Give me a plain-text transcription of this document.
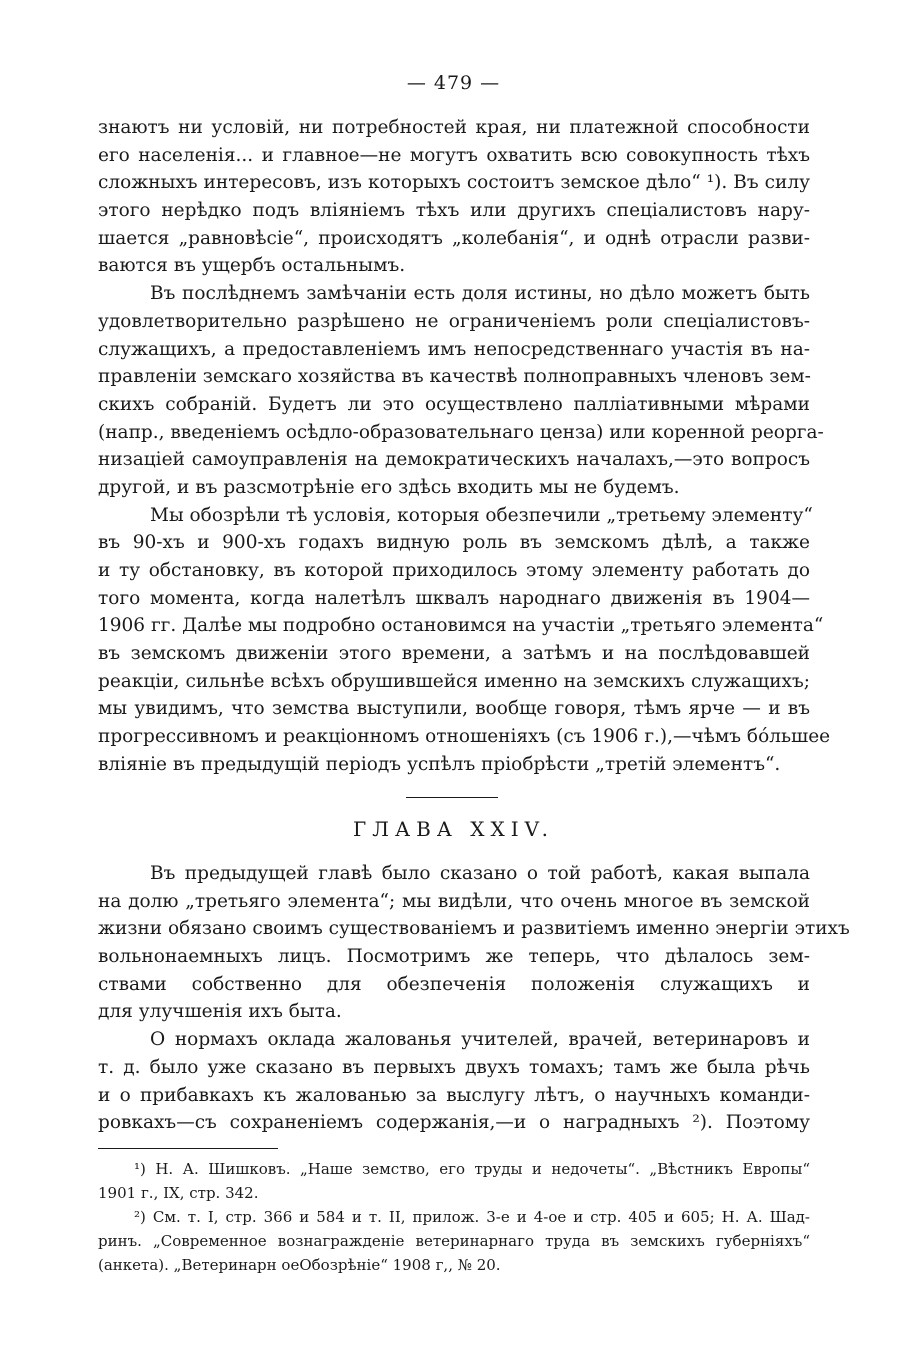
— 479 —
знаютъ ни условій, ни потребностей края, ни платежной способности
его населенія... и главное—не могутъ охватить всю совокупность тѣхъ
сложныхъ интересовъ, изъ которыхъ состоитъ земское дѣло“ ¹). Въ силу
этого нерѣдко подъ вліяніемъ тѣхъ или другихъ спеціалистовъ нару-
шается „равновѣсіе“, происходятъ „колебанія“, и однѣ отрасли разви-
ваются въ ущербъ остальнымъ.
Въ послѣднемъ замѣчаніи есть доля истины, но дѣло можетъ быть
удовлетворительно разрѣшено не ограниченіемъ роли спеціалистовъ-
служащихъ, а предоставленіемъ имъ непосредственнаго участія въ на-
правленіи земскаго хозяйства въ качествѣ полноправныхъ членовъ зем-
скихъ собраній. Будетъ ли это осуществлено палліативными мѣрами
(напр., введеніемъ осѣдло-образовательнаго ценза) или коренной реорга-
низаціей самоуправленія на демократическихъ началахъ,—это вопросъ
другой, и въ разсмотрѣніе его здѣсь входить мы не будемъ.
Мы обозрѣли тѣ условія, которыя обезпечили „третьему элементу“
въ 90-хъ и 900-хъ годахъ видную роль въ земскомъ дѣлѣ, а также
и ту обстановку, въ которой приходилось этому элементу работать до
того момента, когда налетѣлъ шквалъ народнаго движенія въ 1904—
1906 гг. Далѣе мы подробно остановимся на участіи „третьяго элемента“
въ земскомъ движеніи этого времени, а затѣмъ и на послѣдовавшей
реакціи, сильнѣе всѣхъ обрушившейся именно на земскихъ служащихъ;
мы увидимъ, что земства выступили, вообще говоря, тѣмъ ярче — и въ
прогрессивномъ и реакціонномъ отношеніяхъ (съ 1906 г.),—чѣмъ бóльшее
вліяніе въ предыдущій періодъ успѣлъ пріобрѣсти „третій элементъ“.
ГЛАВА XXIV.
Въ предыдущей главѣ было сказано о той работѣ, какая выпала
на долю „третьяго элемента“; мы видѣли, что очень многое въ земской
жизни обязано своимъ существованіемъ и развитіемъ именно энергіи этихъ
вольнонаемныхъ лицъ. Посмотримъ же теперь, что дѣлалось зем-
ствами собственно для обезпеченія положенія служащихъ и
для улучшенія ихъ быта.
О нормахъ оклада жалованья учителей, врачей, ветеринаровъ и
т. д. было уже сказано въ первыхъ двухъ томахъ; тамъ же была рѣчь
и о прибавкахъ къ жалованью за выслугу лѣтъ, о научныхъ команди-
ровкахъ—съ сохраненіемъ содержанія,—и о наградныхъ ²). Поэтому
¹) Н. А. Шишковъ. „Наше земство, его труды и недочеты“. „Вѣстникъ Европы“
1901 г., IX, стр. 342.
²) См. т. I, стр. 366 и 584 и т. II, прилож. 3-е и 4-ое и стр. 405 и 605; Н. А. Шад-
ринъ. „Современное вознагражденіе ветеринарнаго труда въ земскихъ губерніяхъ“
(анкета). „Ветеринарн оеОбозрѣніе“ 1908 г,, № 20.
